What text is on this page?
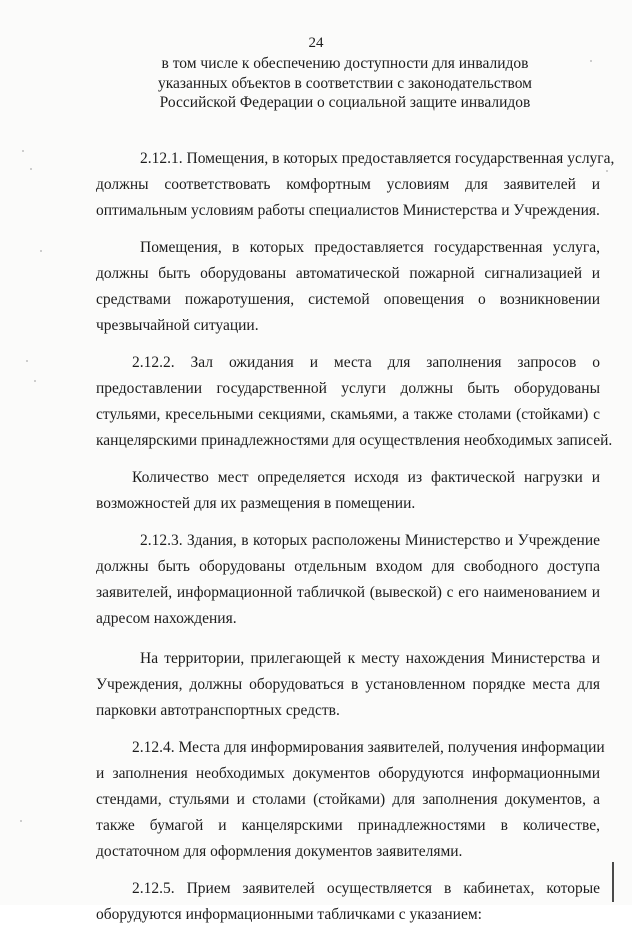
24
в том числе к обеспечению доступности для инвалидов
указанных объектов в соответствии с законодательством
Российской Федерации о социальной защите инвалидов
2.12.1. Помещения, в которых предоставляется государственная услуга,
должны соответствовать комфортным условиям для заявителей и
оптимальным условиям работы специалистов Министерства и Учреждения.
Помещения, в которых предоставляется государственная услуга,
должны быть оборудованы автоматической пожарной сигнализацией и
средствами пожаротушения, системой оповещения о возникновении
чрезвычайной ситуации.
2.12.2. Зал ожидания и места для заполнения запросов о
предоставлении государственной услуги должны быть оборудованы
стульями, кресельными секциями, скамьями, а также столами (стойками) с
канцелярскими принадлежностями для осуществления необходимых записей.
Количество мест определяется исходя из фактической нагрузки и
возможностей для их размещения в помещении.
2.12.3. Здания, в которых расположены Министерство и Учреждение
должны быть оборудованы отдельным входом для свободного доступа
заявителей, информационной табличкой (вывеской) с его наименованием и
адресом нахождения.
На территории, прилегающей к месту нахождения Министерства и
Учреждения, должны оборудоваться в установленном порядке места для
парковки автотранспортных средств.
2.12.4. Места для информирования заявителей, получения информации
и заполнения необходимых документов оборудуются информационными
стендами, стульями и столами (стойками) для заполнения документов, а
также бумагой и канцелярскими принадлежностями в количестве,
достаточном для оформления документов заявителями.
2.12.5. Прием заявителей осуществляется в кабинетах, которые
оборудуются информационными табличками с указанием:
